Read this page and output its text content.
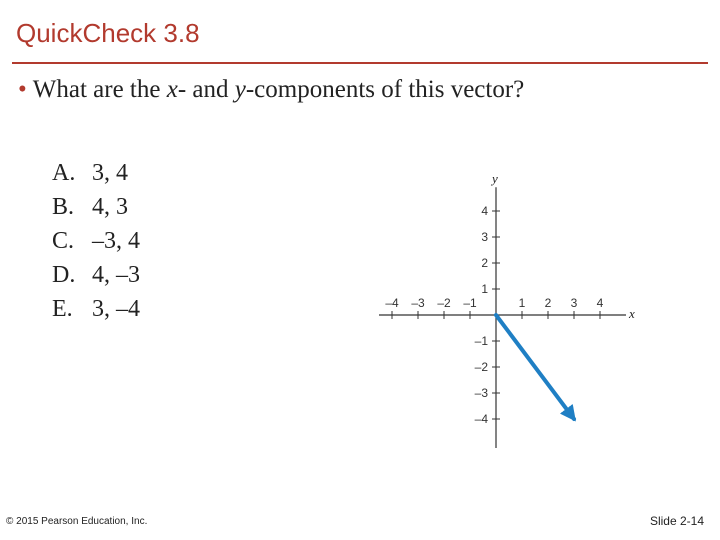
QuickCheck 3.8
• What are the x- and y-components of this vector?
A. 3, 4
B. 4, 3
C. –3, 4
D. 4, –3
E. 3, –4	x
y
–4 –3 –2 –1	1 2 3 4
4
3
2
1
–1
–2
–3
–4
© 2015 Pearson Education, Inc.	Slide 2-14
